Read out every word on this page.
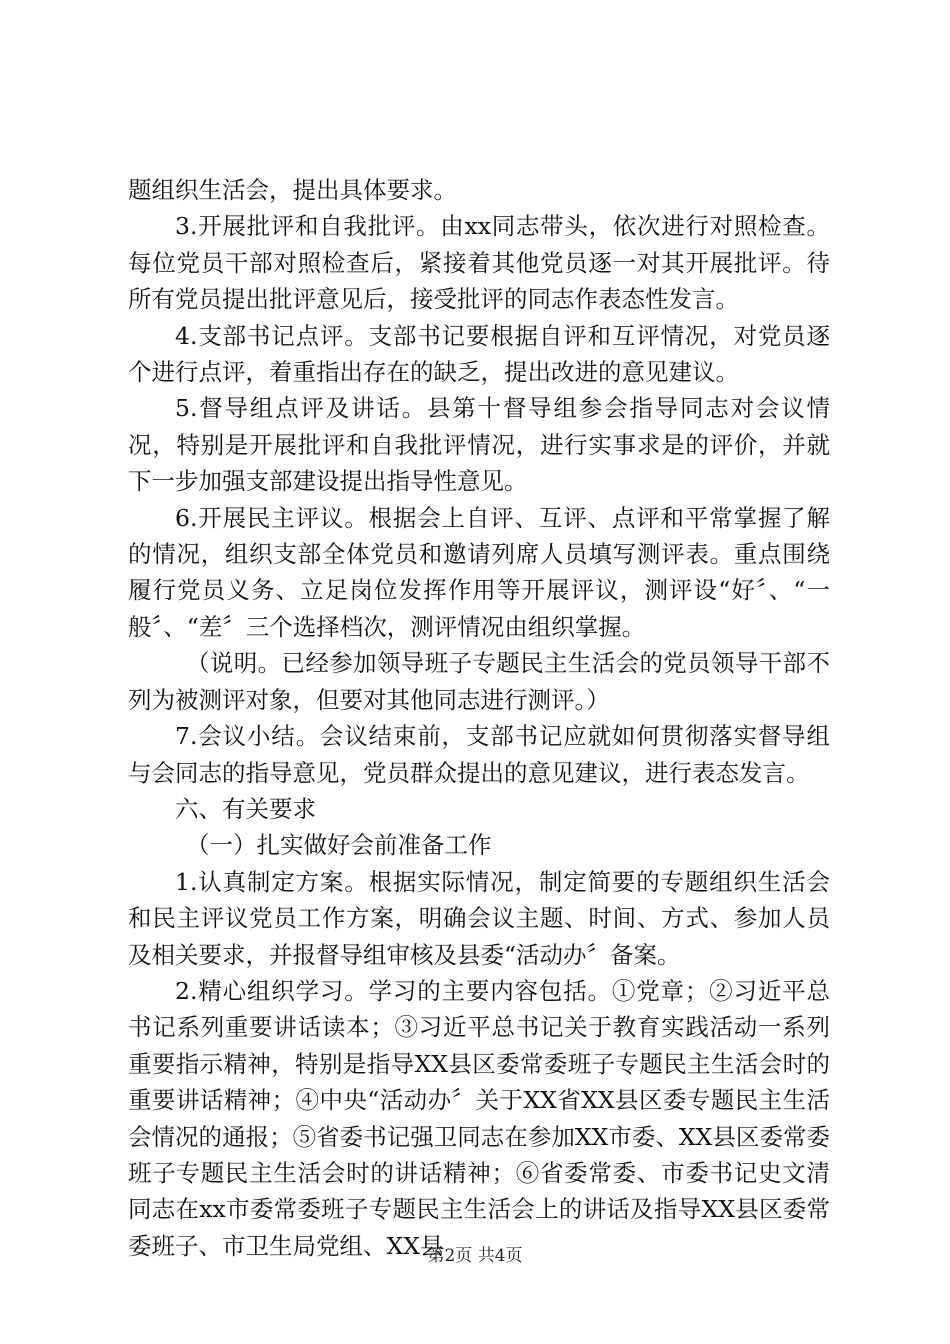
题组织生活会，提出具体要求。

3.开展批评和自我批评。由xx同志带头，依次进行对照检查。每位党员干部对照检查后，紧接着其他党员逐一对其开展批评。待所有党员提出批评意见后，接受批评的同志作表态性发言。

4.支部书记点评。支部书记要根据自评和互评情况，对党员逐个进行点评，着重指出存在的缺乏，提出改进的意见建议。

5.督导组点评及讲话。县第十督导组参会指导同志对会议情况，特别是开展批评和自我批评情况，进行实事求是的评价，并就下一步加强支部建设提出指导性意见。

6.开展民主评议。根据会上自评、互评、点评和平常掌握了解的情况，组织支部全体党员和邀请列席人员填写测评表。重点围绕履行党员义务、立足岗位发挥作用等开展评议，测评设“好〞、“一般〞、“差〞三个选择档次，测评情况由组织掌握。

（说明。已经参加领导班子专题民主生活会的党员领导干部不列为被测评对象，但要对其他同志进行测评。）

7.会议小结。会议结束前，支部书记应就如何贯彻落实督导组与会同志的指导意见，党员群众提出的意见建议，进行表态发言。

六、有关要求

（一）扎实做好会前准备工作

1.认真制定方案。根据实际情况，制定简要的专题组织生活会和民主评议党员工作方案，明确会议主题、时间、方式、参加人员及相关要求，并报督导组审核及县委“活动办〞备案。

2.精心组织学习。学习的主要内容包括。①党章；②习近平总书记系列重要讲话读本；③习近平总书记关于教育实践活动一系列重要指示精神，特别是指导XX县区委常委班子专题民主生活会时的重要讲话精神；④中央“活动办〞关于XX省XX县区委专题民主生活会情况的通报；⑤省委书记强卫同志在参加XX市委、XX县区委常委班子专题民主生活会时的讲话精神；⑥省委常委、市委书记史文清同志在xx市委常委班子专题民主生活会上的讲话及指导XX县区委常委班子、市卫生局党组、XX县

第2页 共4页
